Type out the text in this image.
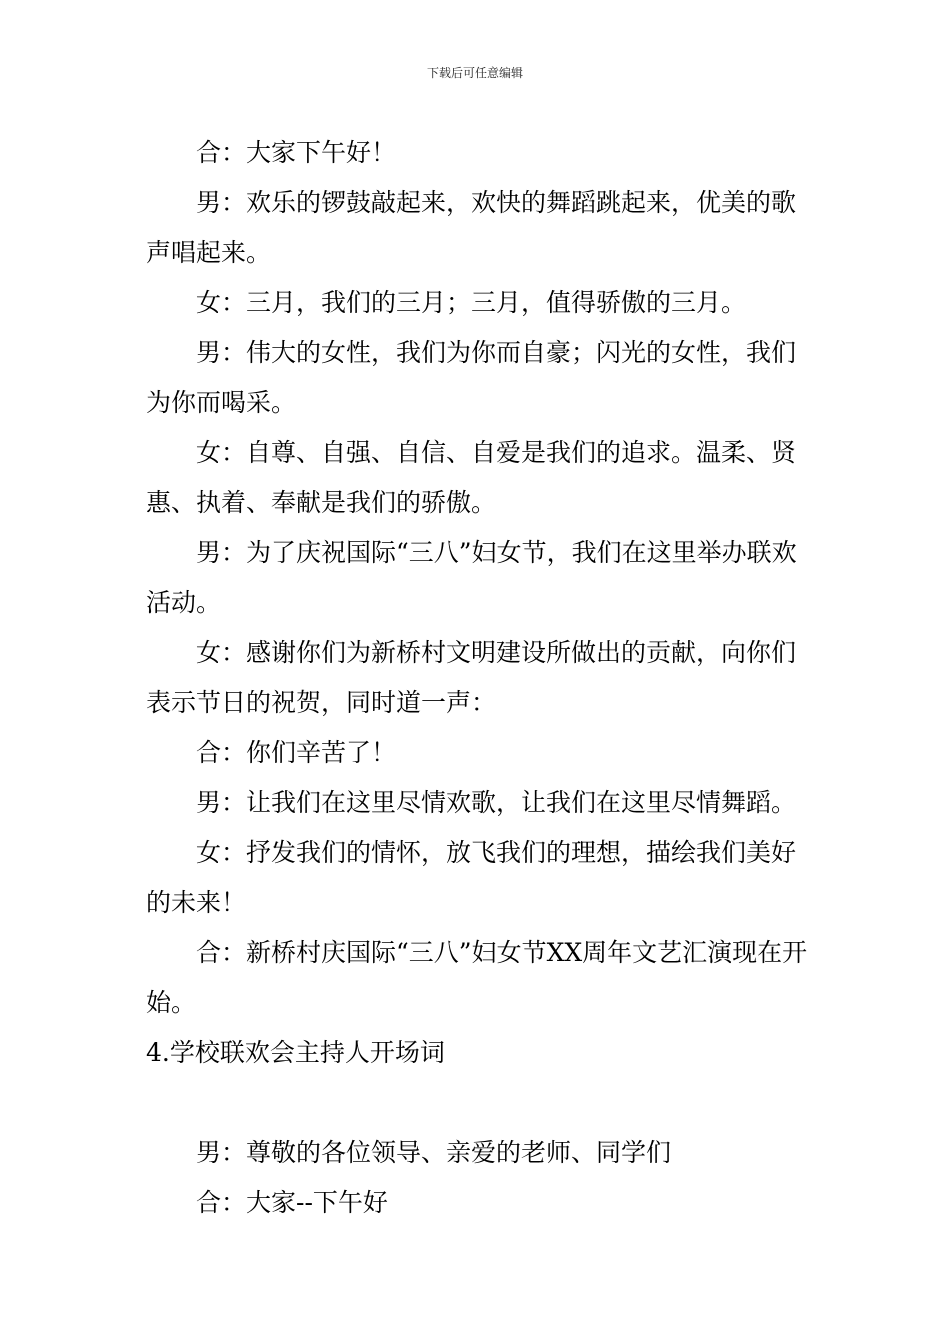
下载后可任意编辑

合：大家下午好！

男：欢乐的锣鼓敲起来，欢快的舞蹈跳起来，优美的歌声唱起来。

女：三月，我们的三月；三月，值得骄傲的三月。

男：伟大的女性，我们为你而自豪；闪光的女性，我们为你而喝采。

女：自尊、自强、自信、自爱是我们的追求。温柔、贤惠、执着、奉献是我们的骄傲。

男：为了庆祝国际“三八”妇女节，我们在这里举办联欢活动。

女：感谢你们为新桥村文明建设所做出的贡献，向你们表示节日的祝贺，同时道一声：

合：你们辛苦了！

男：让我们在这里尽情欢歌，让我们在这里尽情舞蹈。

女：抒发我们的情怀，放飞我们的理想，描绘我们美好的未来！

合：新桥村庆国际“三八”妇女节XX周年文艺汇演现在开始。

4.学校联欢会主持人开场词

男：尊敬的各位领导、亲爱的老师、同学们

合：大家--下午好
